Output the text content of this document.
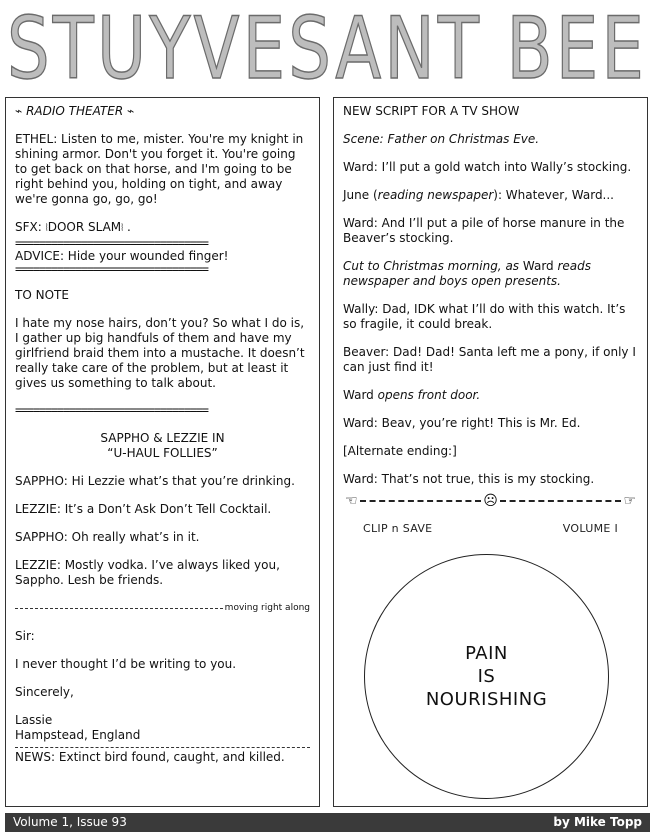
STUYVESANT BEE

⌁ RADIO THEATER ⌁

ETHEL: Listen to me, mister. You're my knight in shining armor. Don't you forget it. You're going to get back on that horse, and I'm going to be right behind you, holding on tight, and away we're gonna go, go, go!

SFX: ⦚DOOR SLAM⦚ .

================================

ADVICE: Hide your wounded finger!

================================

TO NOTE

I hate my nose hairs, don’t you? So what I do is, I gather up big handfuls of them and have my girlfriend braid them into a mustache. It doesn’t really take care of the problem, but at least it gives us something to talk about.

================================

SAPPHO & LEZZIE IN

“U-HAUL FOLLIES”

SAPPHO: Hi Lezzie what’s that you’re drinking.

LEZZIE: It’s a Don’t Ask Don’t Tell Cocktail.

SAPPHO: Oh really what’s in it.

LEZZIE: Mostly vodka. I’ve always liked you, Sappho. Lesh be friends.

moving right along

Sir:

I never thought I’d be writing to you.

Sincerely,

Lassie

Hampstead, England

NEWS: Extinct bird found, caught, and killed.

NEW SCRIPT FOR A TV SHOW

Scene: Father on Christmas Eve.

Ward: I’ll put a gold watch into Wally’s stocking.

June (reading newspaper): Whatever, Ward...

Ward: And I’ll put a pile of horse manure in the Beaver’s stocking.

Cut to Christmas morning, as Ward reads newspaper and boys open presents.

Wally: Dad, IDK what I’ll do with this watch. It’s so fragile, it could break.

Beaver: Dad! Dad! Santa left me a pony, if only I can just find it!

Ward opens front door.

Ward: Beav, you’re right! This is Mr. Ed.

[Alternate ending:]

Ward: That’s not true, this is my stocking.

☜	☹	☞
CLIP n SAVE	VOLUME I
PAIN
IS
NOURISHING
Volume 1, Issue 93	by Mike Topp
